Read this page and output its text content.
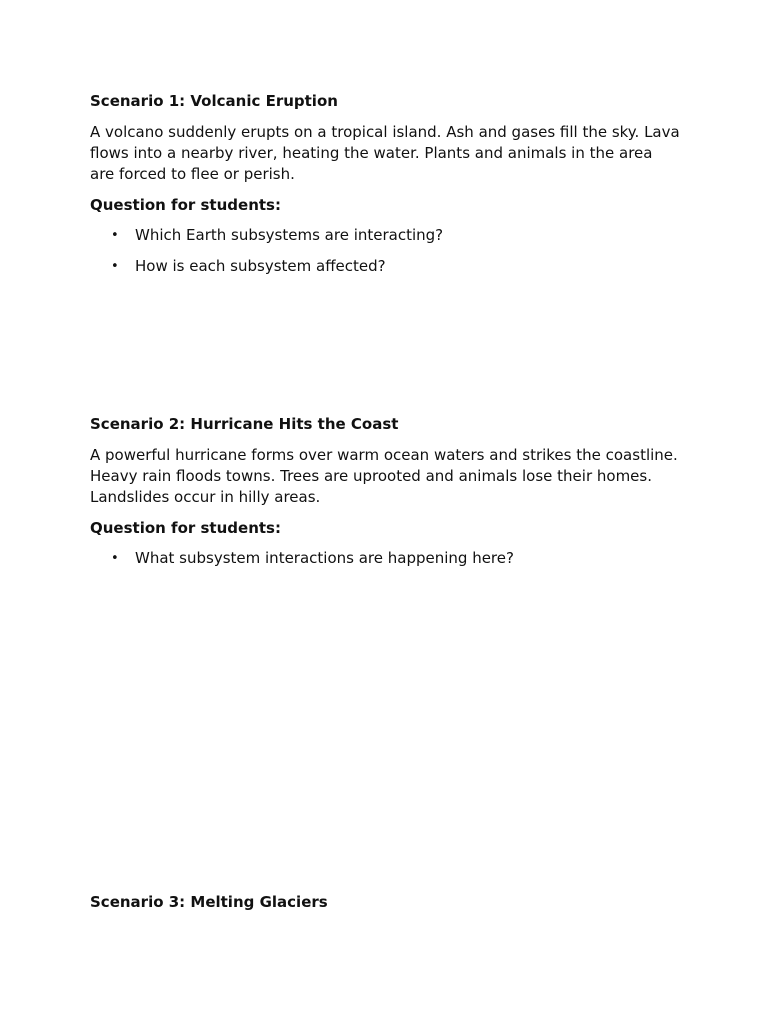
Scenario 1: Volcanic Eruption

A volcano suddenly erupts on a tropical island. Ash and gases fill the sky. Lava flows into a nearby river, heating the water. Plants and animals in the area are forced to flee or perish.

Question for students:

• Which Earth subsystems are interacting?
• How is each subsystem affected?

Scenario 2: Hurricane Hits the Coast

A powerful hurricane forms over warm ocean waters and strikes the coastline. Heavy rain floods towns. Trees are uprooted and animals lose their homes. Landslides occur in hilly areas.

Question for students:

• What subsystem interactions are happening here?

Scenario 3: Melting Glaciers
